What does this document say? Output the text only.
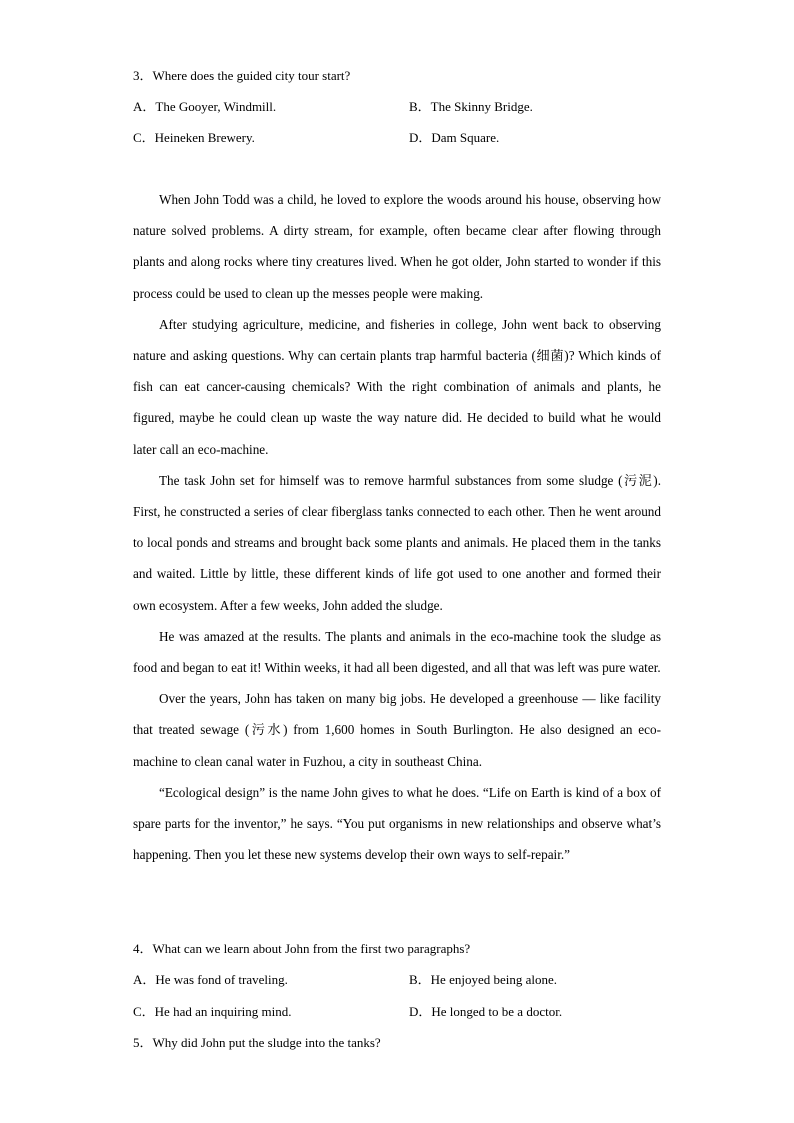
3．Where does the guided city tour start?
A．The Gooyer, Windmill.	B．The Skinny Bridge.
C．Heineken Brewery.	D．Dam Square.

When John Todd was a child, he loved to explore the woods around his house, observing how nature solved problems. A dirty stream, for example, often became clear after flowing through plants and along rocks where tiny creatures lived. When he got older, John started to wonder if this process could be used to clean up the messes people were making.

After studying agriculture, medicine, and fisheries in college, John went back to observing nature and asking questions. Why can certain plants trap harmful bacteria (细菌)? Which kinds of fish can eat cancer-causing chemicals? With the right combination of animals and plants, he figured, maybe he could clean up waste the way nature did. He decided to build what he would later call an eco-machine.

The task John set for himself was to remove harmful substances from some sludge (污泥). First, he constructed a series of clear fiberglass tanks connected to each other. Then he went around to local ponds and streams and brought back some plants and animals. He placed them in the tanks and waited. Little by little, these different kinds of life got used to one another and formed their own ecosystem. After a few weeks, John added the sludge.

He was amazed at the results. The plants and animals in the eco-machine took the sludge as food and began to eat it! Within weeks, it had all been digested, and all that was left was pure water.

Over the years, John has taken on many big jobs. He developed a greenhouse — like facility that treated sewage (污水) from 1,600 homes in South Burlington. He also designed an eco-machine to clean canal water in Fuzhou, a city in southeast China.

“Ecological design” is the name John gives to what he does. “Life on Earth is kind of a box of spare parts for the inventor,” he says. “You put organisms in new relationships and observe what’s happening. Then you let these new systems develop their own ways to self-repair.”

4．What can we learn about John from the first two paragraphs?
A．He was fond of traveling.	B．He enjoyed being alone.
C．He had an inquiring mind.	D．He longed to be a doctor.
5．Why did John put the sludge into the tanks?
